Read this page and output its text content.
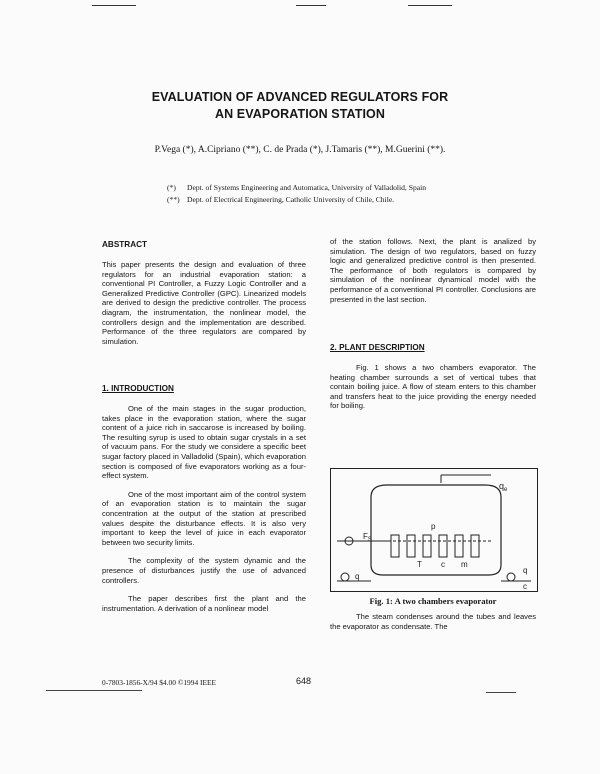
EVALUATION OF ADVANCED REGULATORS FOR
AN EVAPORATION STATION
P.Vega (*), A.Cipriano (**), C. de Prada (*), J.Tamaris (**), M.Guerini (**).
(*) Dept. of Systems Engineering and Automatica, University of Valladolid, Spain
(**) Dept. of Electrical Engineering, Catholic University of Chile, Chile.
ABSTRACT

This paper presents the design and evaluation of three regulators for an industrial evaporation station: a conventional PI Controller, a Fuzzy Logic Controller and a Generalized Predictive Controller (GPC). Linearized models are derived to design the predictive controller. The process diagram, the instrumentation, the nonlinear model, the controllers design and the implementation are described. Performance of the three regulators are compared by simulation.

1. INTRODUCTION

One of the main stages in the sugar production, takes place in the evaporation station, where the sugar content of a juice rich in saccarose is increased by boiling. The resulting syrup is used to obtain sugar crystals in a set of vacuum pans. For the study we considere a specific beet sugar factory placed in Valladolid (Spain), which evaporation section is composed of five evaporators working as a four-effect system.

One of the most important aim of the control system of an evaporation station is to maintain the sugar concentration at the output of the station at prescribed values despite the disturbance effects. It is also very important to keep the level of juice in each evaporator between two security limits.

The complexity of the system dynamic and the presence of disturbances justify the use of advanced controllers.

The paper describes first the plant and the instrumentation. A derivation of a nonlinear model

of the station follows. Next, the plant is analized by simulation. The design of two regulators, based on fuzzy logic and generalized predictive control is then presented. The performance of both regulators is compared by simulation of the nonlinear dynamical model with the performance of a conventional PI controller. Conclusions are presented in the last section.

2. PLANT DESCRIPTION

Fig. 1 shows a two chambers evaporator. The heating chamber surrounds a set of vertical tubes that contain boiling juice. A flow of steam enters to this chamber and transfers heat to the juice providing the energy needed for boiling.

$q_e$
p
T c m
$F_S$
q
q
c
Fig. 1: A two chambers evaporator

The steam condenses around the tubes and leaves the evaporator as condensate. The

0-7803-1856-X/94 $4.00 ©1994 IEEE	648
